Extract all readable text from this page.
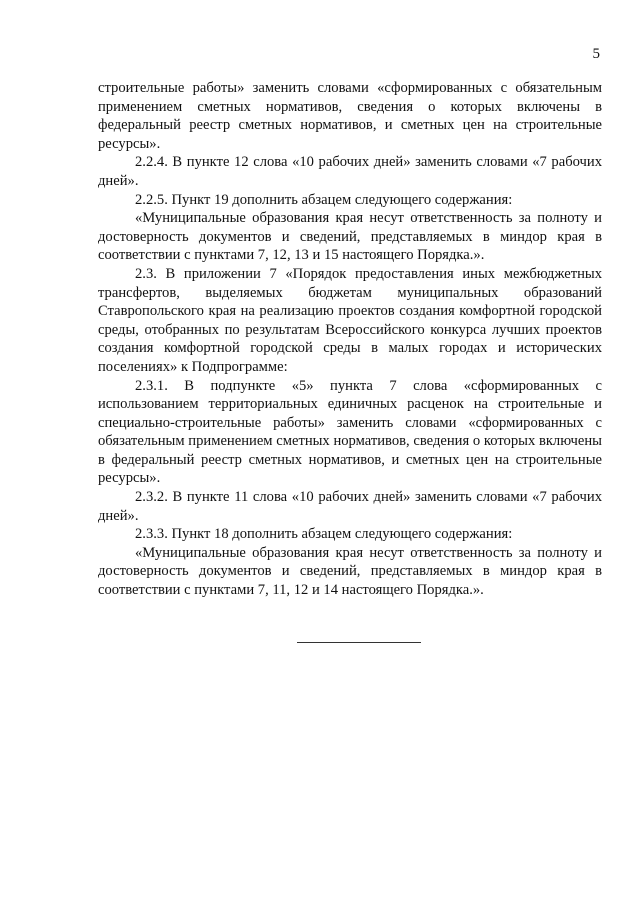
5

строительные работы» заменить словами «сформированных с обязательным применением сметных нормативов, сведения о которых включены в федеральный реестр сметных нормативов, и сметных цен на строительные ресурсы».

2.2.4. В пункте 12 слова «10 рабочих дней» заменить словами «7 рабочих дней».

2.2.5. Пункт 19 дополнить абзацем следующего содержания:

«Муниципальные образования края несут ответственность за полноту и достоверность документов и сведений, представляемых в миндор края в соответствии с пунктами 7, 12, 13 и 15 настоящего Порядка.».

2.3. В приложении 7 «Порядок предоставления иных межбюджетных трансфертов, выделяемых бюджетам муниципальных образований Ставропольского края на реализацию проектов создания комфортной городской среды, отобранных по результатам Всероссийского конкурса лучших проектов создания комфортной городской среды в малых городах и исторических поселениях» к Подпрограмме:

2.3.1. В подпункте «5» пункта 7 слова «сформированных с использованием территориальных единичных расценок на строительные и специально-строительные работы» заменить словами «сформированных с обязательным применением сметных нормативов, сведения о которых включены в федеральный реестр сметных нормативов, и сметных цен на строительные ресурсы».

2.3.2. В пункте 11 слова «10 рабочих дней» заменить словами «7 рабочих дней».

2.3.3. Пункт 18 дополнить абзацем следующего содержания:

«Муниципальные образования края несут ответственность за полноту и достоверность документов и сведений, представляемых в миндор края в соответствии с пунктами 7, 11, 12 и 14 настоящего Порядка.».
